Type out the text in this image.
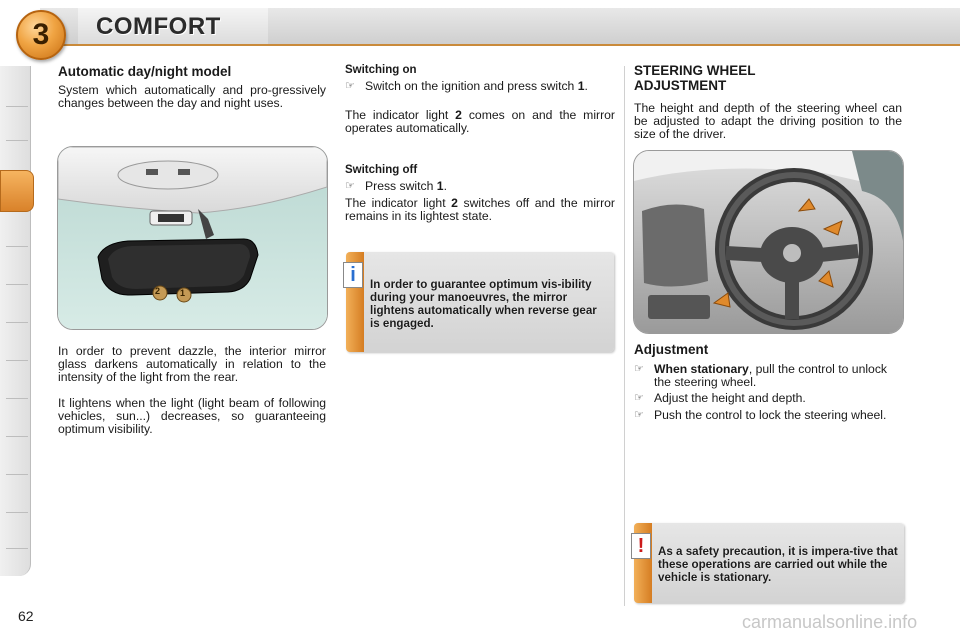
3	COMFORT
Automatic day/night model

System which automatically and pro-gressively changes between the day and night uses.

2 1

In order to prevent dazzle, the interior mirror glass darkens automatically in relation to the intensity of the light from the rear.

It lightens when the light (light beam of following vehicles, sun...) decreases, so guaranteeing optimum visibility.

Switching on
☞ Switch on the ignition and press switch 1.

The indicator light 2 comes on and the mirror operates automatically.

Switching off
☞ Press switch 1.

The indicator light 2 switches off and the mirror remains in its lightest state.

i	In order to guarantee optimum vis-ibility during your manoeuvres, the mirror lightens automatically when reverse gear is engaged.
STEERING WHEEL
ADJUSTMENT

The height and depth of the steering wheel can be adjusted to adapt the driving position to the size of the driver.

Adjustment
☞ When stationary, pull the control to unlock the steering wheel.
☞ Adjust the height and depth.
☞ Push the control to lock the steering wheel.
!	As a safety precaution, it is impera-tive that these operations are carried out while the vehicle is stationary.
62	carmanualsonline.info
